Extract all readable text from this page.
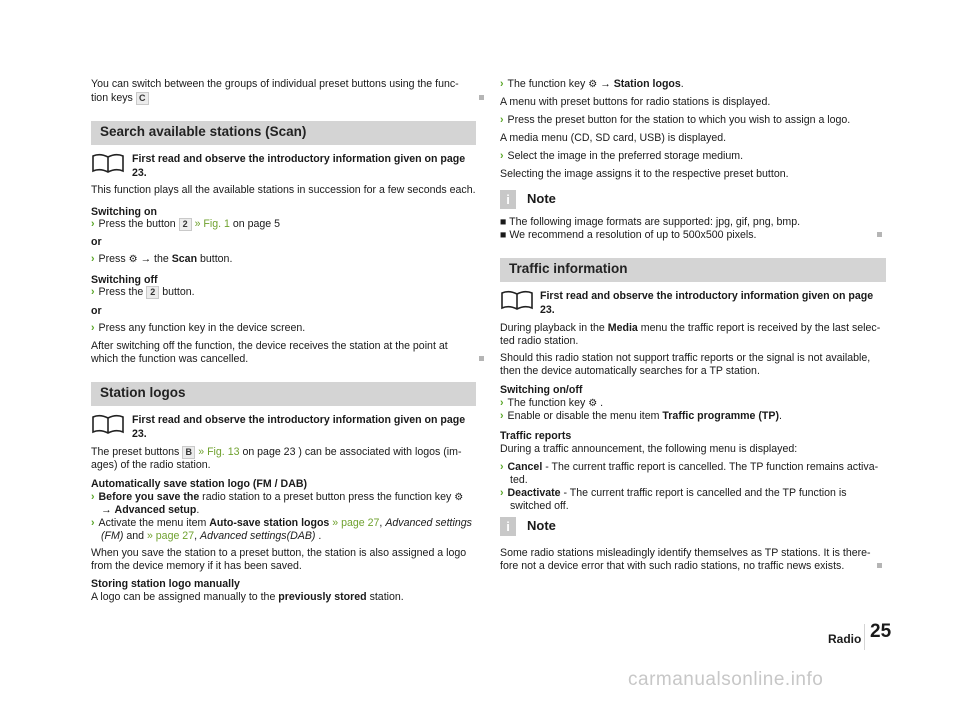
You can switch between the groups of individual preset buttons using the func-

tion keys C

Search available stations (Scan)

First read and observe the introductory information given on page 23.

This function plays all the available stations in succession for a few seconds each.

Switching on

› Press the button 2 » Fig. 1 on page 5

or

› Press ⚙ → the Scan button.

Switching off

› Press the 2 button.

or

› Press any function key in the device screen.

After switching off the function, the device receives the station at the point at

which the function was cancelled.

Station logos

First read and observe the introductory information given on page 23.

The preset buttons B » Fig. 13 on page 23 ) can be associated with logos (im-

ages) of the radio station.

Automatically save station logo (FM / DAB)

› Before you save the radio station to a preset button press the function key ⚙

→ Advanced setup.

› Activate the menu item Auto-save station logos » page 27, Advanced settings

(FM) and » page 27, Advanced settings(DAB) .

When you save the station to a preset button, the station is also assigned a logo

from the device memory if it has been saved.

Storing station logo manually

A logo can be assigned manually to the previously stored station.

› The function key ⚙ → Station logos.

A menu with preset buttons for radio stations is displayed.

› Press the preset button for the station to which you wish to assign a logo.

A media menu (CD, SD card, USB) is displayed.

› Select the image in the preferred storage medium.

Selecting the image assigns it to the respective preset button.

i	Note

■ The following image formats are supported: jpg, gif, png, bmp.

■ We recommend a resolution of up to 500x500 pixels.

Traffic information

First read and observe the introductory information given on page 23.

During playback in the Media menu the traffic report is received by the last selec-

ted radio station.

Should this radio station not support traffic reports or the signal is not available,

then the device automatically searches for a TP station.

Switching on/off

› The function key ⚙ .

› Enable or disable the menu item Traffic programme (TP).

Traffic reports

During a traffic announcement, the following menu is displayed:

› Cancel - The current traffic report is cancelled. The TP function remains activa-

ted.

› Deactivate - The current traffic report is cancelled and the TP function is

switched off.

i	Note

Some radio stations misleadingly identify themselves as TP stations. It is there-

fore not a device error that with such radio stations, no traffic news exists.

Radio 25
carmanualsonline.info
